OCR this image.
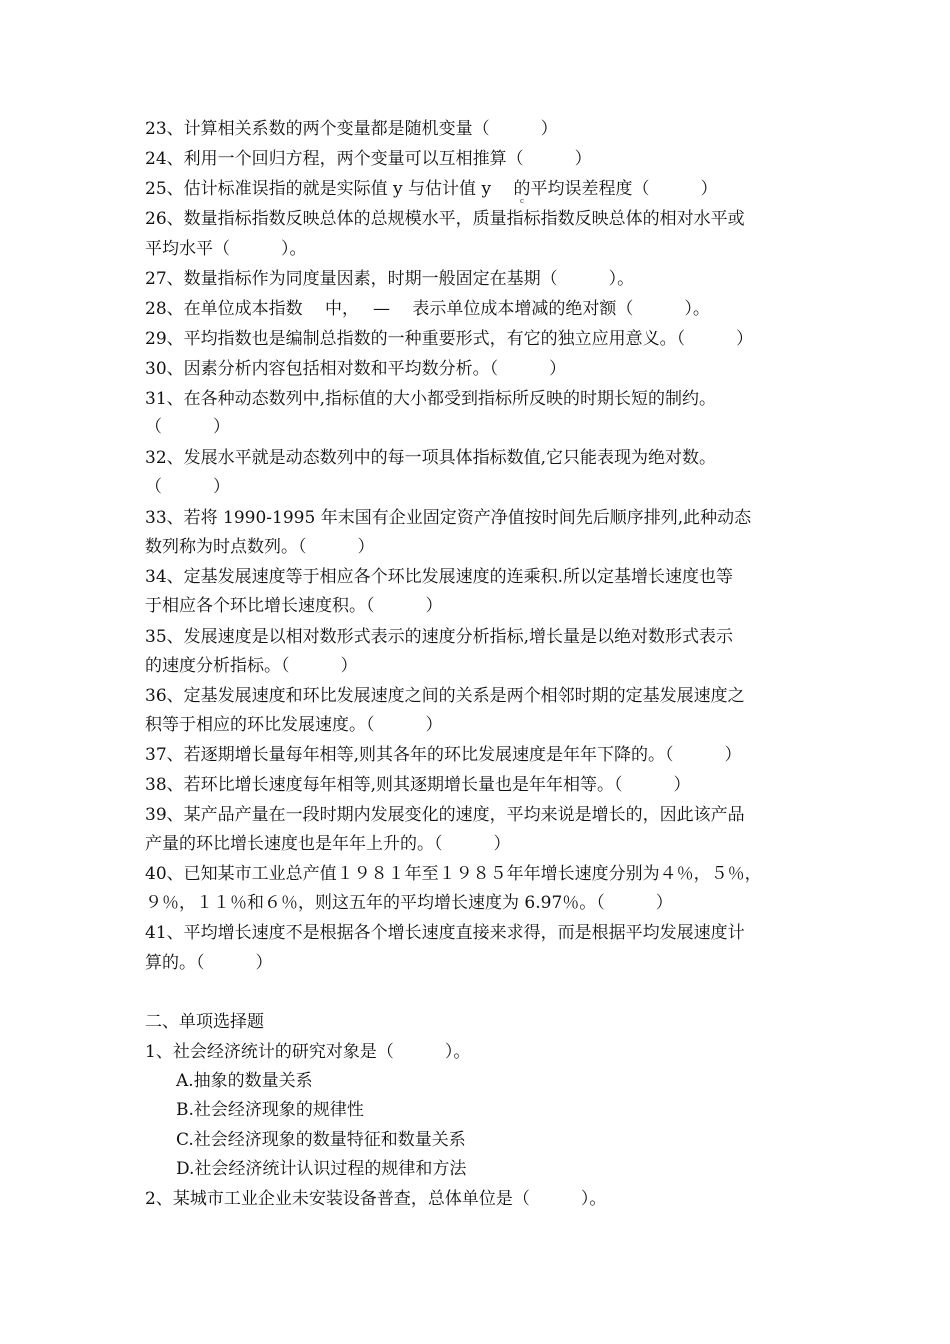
23、计算相关系数的两个变量都是随机变量（　　　）
24、利用一个回归方程，两个变量可以互相推算（　　　）
25、估计标准误指的就是实际值 y 与估计值 y　 的平均误差程度（　　　）
c
26、数量指标指数反映总体的总规模水平，质量指标指数反映总体的相对水平或
平均水平（　　　）。
27、数量指标作为同度量因素，时期一般固定在基期（　　　）。
28、在单位成本指数　 中，　 —　 表示单位成本增减的绝对额（　　　）。
29、平均指数也是编制总指数的一种重要形式，有它的独立应用意义。（　　　）
30、因素分析内容包括相对数和平均数分析。（　　　）
31、在各种动态数列中,指标值的大小都受到指标所反映的时期长短的制约。
（　　　）
32、发展水平就是动态数列中的每一项具体指标数值,它只能表现为绝对数。
（　　　）
33、若将 1990-1995 年末国有企业固定资产净值按时间先后顺序排列,此种动态
数列称为时点数列。（　　　）
34、定基发展速度等于相应各个环比发展速度的连乘积.所以定基增长速度也等
于相应各个环比增长速度积。（　　　）
35、发展速度是以相对数形式表示的速度分析指标,增长量是以绝对数形式表示
的速度分析指标。（　　　）
36、定基发展速度和环比发展速度之间的关系是两个相邻时期的定基发展速度之
积等于相应的环比发展速度。（　　　）
37、若逐期增长量每年相等,则其各年的环比发展速度是年年下降的。（　　　）
38、若环比增长速度每年相等,则其逐期增长量也是年年相等。（　　　）
39、某产品产量在一段时期内发展变化的速度，平均来说是增长的，因此该产品
产量的环比增长速度也是年年上升的。（　　　）
40、已知某市工业总产值１９８１年至１９８５年年增长速度分别为４％，５％，
９％，１１％和６％，则这五年的平均增长速度为 6.97％。（　　　）
41、平均增长速度不是根据各个增长速度直接来求得，而是根据平均发展速度计
算的。（　　　）
二、单项选择题
1、社会经济统计的研究对象是（　　　）。
A.抽象的数量关系
B.社会经济现象的规律性
C.社会经济现象的数量特征和数量关系
D.社会经济统计认识过程的规律和方法
2、某城市工业企业未安装设备普查，总体单位是（　　　）。
